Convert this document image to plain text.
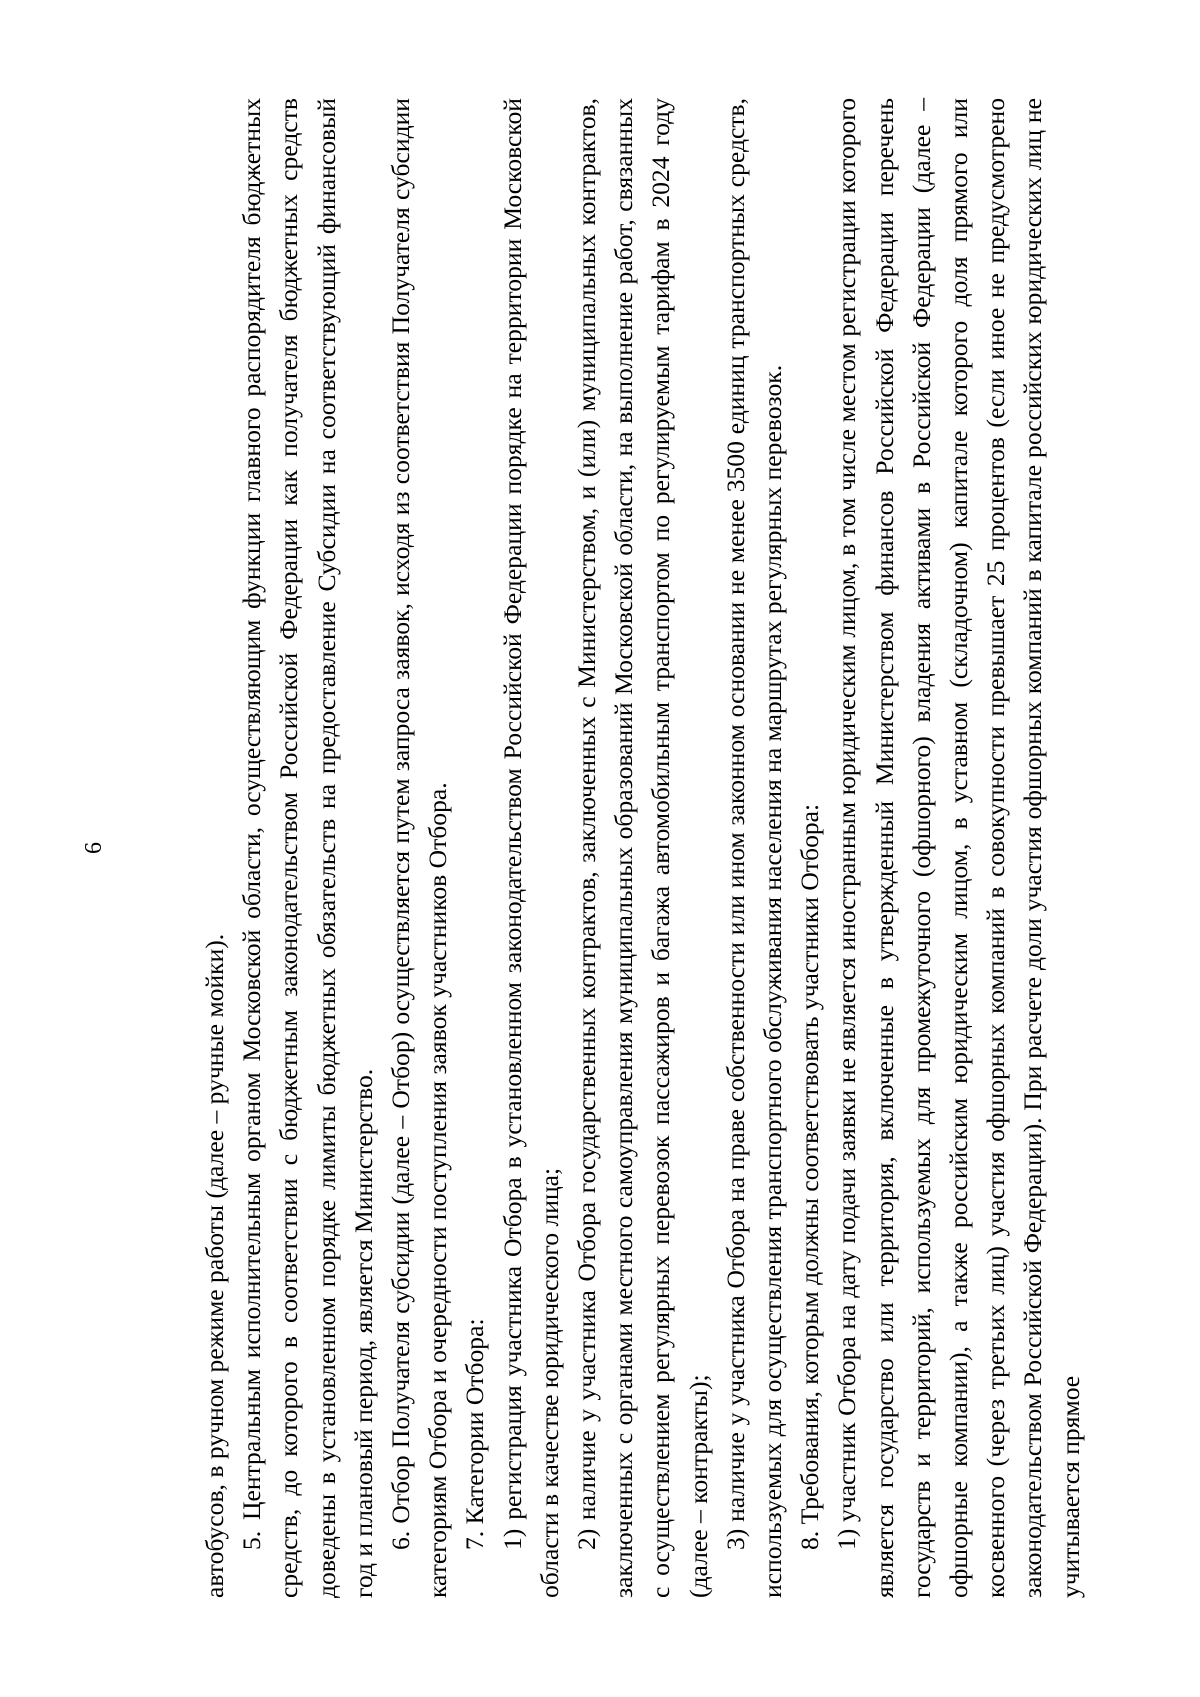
6

автобусов, в ручном режиме работы (далее – ручные мойки). 5. Центральным исполнительным органом Московской области, осуществляющим функции главного распорядителя бюджетных средств, до которого в соответствии с бюджетным законодательством Российской Федерации как получателя бюджетных средств доведены в установленном порядке лимиты бюджетных обязательств на предоставление Субсидии на соответствующий финансовый год и плановый период, является Министерство. 6. Отбор Получателя субсидии (далее – Отбор) осуществляется путем запроса заявок, исходя из соответствия Получателя субсидии категориям Отбора и очередности поступления заявок участников Отбора. 7. Категории Отбора: 1) регистрация участника Отбора в установленном законодательством Российской Федерации порядке на территории Московской области в качестве юридического лица; 2) наличие у участника Отбора государственных контрактов, заключенных с Министерством, и (или) муниципальных контрактов, заключенных с органами местного самоуправления муниципальных образований Московской области, на выполнение работ, связанных с осуществлением регулярных перевозок пассажиров и багажа автомобильным транспортом по регулируемым тарифам в 2024 году (далее – контракты); 3) наличие у участника Отбора на праве собственности или ином законном основании не менее 3500 единиц транспортных средств, используемых для осуществления транспортного обслуживания населения на маршрутах регулярных перевозок. 8. Требования, которым должны соответствовать участники Отбора: 1) участник Отбора на дату подачи заявки не является иностранным юридическим лицом, в том числе местом регистрации которого является государство или территория, включенные в утвержденный Министерством финансов Российской Федерации перечень государств и территорий, используемых для промежуточного (офшорного) владения активами в Российской Федерации (далее – офшорные компании), а также российским юридическим лицом, в уставном (складочном) капитале которого доля прямого или косвенного (через третьих лиц) участия офшорных компаний в совокупности превышает 25 процентов (если иное не предусмотрено законодательством Российской Федерации). При расчете доли участия офшорных компаний в капитале российских юридических лиц не учитывается прямое
